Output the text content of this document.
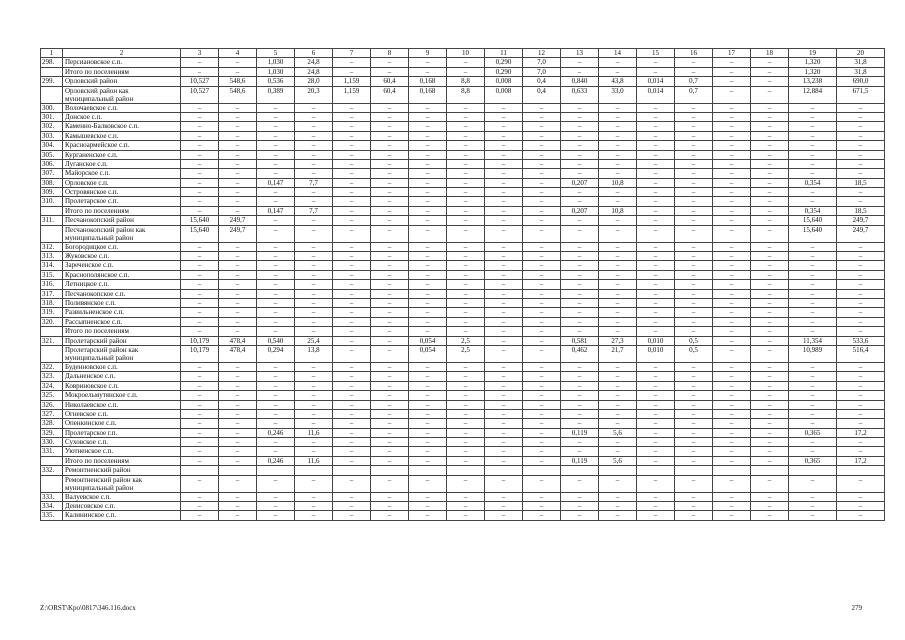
1	2	3	4	5	6	7	8	9	10	11	12	13	14	15	16	17	18	19	20
298.	Персиановское с.п.	–	–	1,030	24,8	–	–	–	–	0,290	7,0	–	–	–	–	–	–	1,320	31,8
	Итого по поселениям	–	–	1,030	24,8	–	–	–	–	0,290	7,0	–	–	–	–	–	–	1,320	31,8
299.	Орловский район	10,527	548,6	0,536	28,0	1,159	60,4	0,168	8,8	0,008	0,4	0,840	43,8	0,014	0,7	–	–	13,238	690,0
	Орловский район как муниципальный район	10,527	548,6	0,389	20,3	1,159	60,4	0,168	8,8	0,008	0,4	0,633	33,0	0,014	0,7	–	–	12,884	671,5
300.	Волочаевское с.п.	–	–	–	–	–	–	–	–	–	–	–	–	–	–	–	–	–	–
301.	Донское с.п.	–	–	–	–	–	–	–	–	–	–	–	–	–	–	–	–	–	–
302.	Каменно-Балковское с.п.	–	–	–	–	–	–	–	–	–	–	–	–	–	–	–	–	–	–
303.	Камышевское с.п.	–	–	–	–	–	–	–	–	–	–	–	–	–	–	–	–	–	–
304.	Красноармейское с.п.	–	–	–	–	–	–	–	–	–	–	–	–	–	–	–	–	–	–
305.	Курганенское с.п.	–	–	–	–	–	–	–	–	–	–	–	–	–	–	–	–	–	–
306.	Луганское с.п.	–	–	–	–	–	–	–	–	–	–	–	–	–	–	–	–	–	–
307.	Майорское с.п.	–	–	–	–	–	–	–	–	–	–	–	–	–	–	–	–	–	–
308.	Орловское с.п.	–	–	0,147	7,7	–	–	–	–	–	–	0,207	10,8	–	–	–	–	0,354	18,5
309.	Островянское с.п.	–	–	–	–	–	–	–	–	–	–	–	–	–	–	–	–	–	–
310.	Пролетарское с.п.	–	–	–	–	–	–	–	–	–	–	–	–	–	–	–	–	–	–
	Итого по поселениям	–	–	0,147	7,7	–	–	–	–	–	–	0,207	10,8	–	–	–	–	0,354	18,5
311.	Песчанокопский район	15,640	249,7	–	–	–	–	–	–	–	–	–	–	–	–	–	–	15,640	249,7
	Песчанокопский район как муниципальный район	15,640	249,7	–	–	–	–	–	–	–	–	–	–	–	–	–	–	15,640	249,7
312.	Богородицкое с.п.	–	–	–	–	–	–	–	–	–	–	–	–	–	–	–	–	–	–
313.	Жуковское с.п.	–	–	–	–	–	–	–	–	–	–	–	–	–	–	–	–	–	–
314.	Зареченское с.п.	–	–	–	–	–	–	–	–	–	–	–	–	–	–	–	–	–	–
315.	Краснополянское с.п.	–	–	–	–	–	–	–	–	–	–	–	–	–	–	–	–	–	–
316.	Летницкое с.п.	–	–	–	–	–	–	–	–	–	–	–	–	–	–	–	–	–	–
317.	Песчанокопское с.п.	–	–	–	–	–	–	–	–	–	–	–	–	–	–	–	–	–	–
318.	Поливянское с.п.	–	–	–	–	–	–	–	–	–	–	–	–	–	–	–	–	–	–
319.	Развильненское с.п.	–	–	–	–	–	–	–	–	–	–	–	–	–	–	–	–	–	–
320.	Рассыпненское с.п.	–	–	–	–	–	–	–	–	–	–	–	–	–	–	–	–	–	–
	Итого по поселениям	–	–	–	–	–	–	–	–	–	–	–	–	–	–	–	–	–	–
321.	Пролетарский район	10,179	478,4	0,540	25,4	–	–	0,054	2,5	–	–	0,581	27,3	0,010	0,5	–	–	11,354	533,6
	Пролетарский район как муниципальный район	10,179	478,4	0,294	13,8	–	–	0,054	2,5	–	–	0,462	21,7	0,010	0,5	–	–	10,989	516,4
322.	Буденновское с.п.	–	–	–	–	–	–	–	–	–	–	–	–	–	–	–	–	–	–
323.	Дальненское с.п.	–	–	–	–	–	–	–	–	–	–	–	–	–	–	–	–	–	–
324.	Ковриновское с.п.	–	–	–	–	–	–	–	–	–	–	–	–	–	–	–	–	–	–
325.	Мокроельмутянское с.п.	–	–	–	–	–	–	–	–	–	–	–	–	–	–	–	–	–	–
326.	Николаевское с.п.	–	–	–	–	–	–	–	–	–	–	–	–	–	–	–	–	–	–
327.	Огневское с.п.	–	–	–	–	–	–	–	–	–	–	–	–	–	–	–	–	–	–
328.	Опенкинское с.п.	–	–	–	–	–	–	–	–	–	–	–	–	–	–	–	–	–	–
329.	Пролетарское г.п.	–	–	0,246	11,6	–	–	–	–	–	–	0,119	5,6	–	–	–	–	0,365	17,2
330.	Суховское с.п.	–	–	–	–	–	–	–	–	–	–	–	–	–	–	–	–	–	–
331.	Уютненское с.п.	–	–	–	–	–	–	–	–	–	–	–	–	–	–	–	–	–	–
	Итого по поселениям	–	–	0,246	11,6	–	–	–	–	–	–	0,119	5,6	–	–	–	–	0,365	17,2
332.	Ремонтненский район																		
	Ремонтненский район как муниципальный район	–	–	–	–	–	–	–	–	–	–	–	–	–	–	–	–	–	–
333.	Валуевское с.п.	–	–	–	–	–	–	–	–	–	–	–	–	–	–	–	–	–	–
334.	Денисовское с.п.	–	–	–	–	–	–	–	–	–	–	–	–	–	–	–	–	–	–
335.	Калининское с.п.	–	–	–	–	–	–	–	–	–	–	–	–	–	–	–	–	–	–
Z:\ORST\Kpo\0817\346.116.docx	279
